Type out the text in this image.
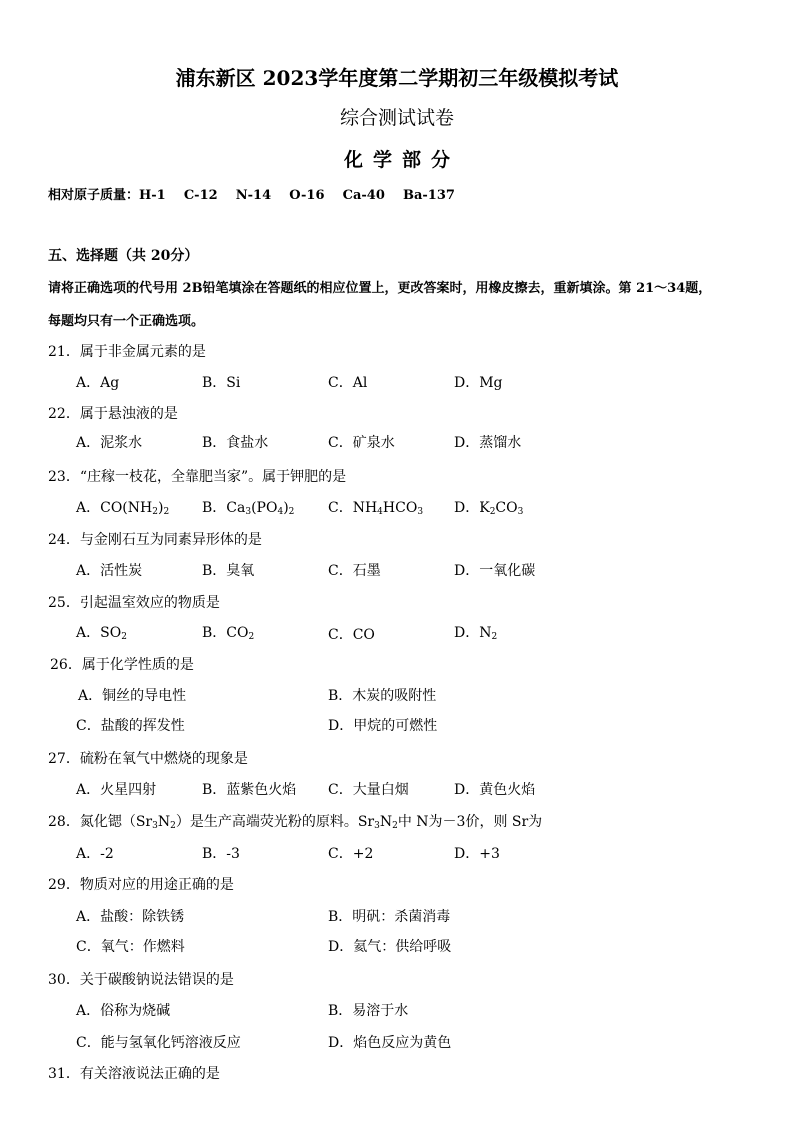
浦东新区 2023学年度第二学期初三年级模拟考试
综合测试试卷
化学部分
相对原子质量：H-1    C-12    N-14    O-16    Ca-40    Ba-137
五、选择题（共 20分）
请将正确选项的代号用 2B铅笔填涂在答题纸的相应位置上，更改答案时，用橡皮擦去，重新填涂。第 21～34题，
每题均只有一个正确选项。
21．属于非金属元素的是
A．Ag	B．Si	C．Al	D．Mg
22．属于悬浊液的是
A．泥浆水	B．食盐水	C．矿泉水	D．蒸馏水
23．“庄稼一枝花，全靠肥当家”。属于钾肥的是
A．$CO(NH_2)_2$ B．$Ca_3(PO_4)_2$ C．$NH_4HCO_3$ D．$K_2CO_3$
24．与金刚石互为同素异形体的是
A．活性炭	B．臭氧	C．石墨	D．一氧化碳
25．引起温室效应的物质是
A．$SO_2$	B．$CO_2$	C．CO	D．$N_2$
26．属于化学性质的是
A．铜丝的导电性	B．木炭的吸附性
C．盐酸的挥发性	D．甲烷的可燃性
27．硫粉在氧气中燃烧的现象是
A．火星四射	B．蓝紫色火焰 C．大量白烟	D．黄色火焰
28．氮化锶$(Sr_3N_2)$是生产高端荧光粉的原料。$Sr_3N_2$中 N为－3价，则 Sr为
A．-2	B．-3	C．+2	D．+3
29．物质对应的用途正确的是
A．盐酸：除铁锈	B．明矾：杀菌消毒
C．氧气：作燃料	D．氦气：供给呼吸
30．关于碳酸钠说法错误的是
A．俗称为烧碱	B．易溶于水
C．能与氢氧化钙溶液反应	D．焰色反应为黄色
31．有关溶液说法正确的是
